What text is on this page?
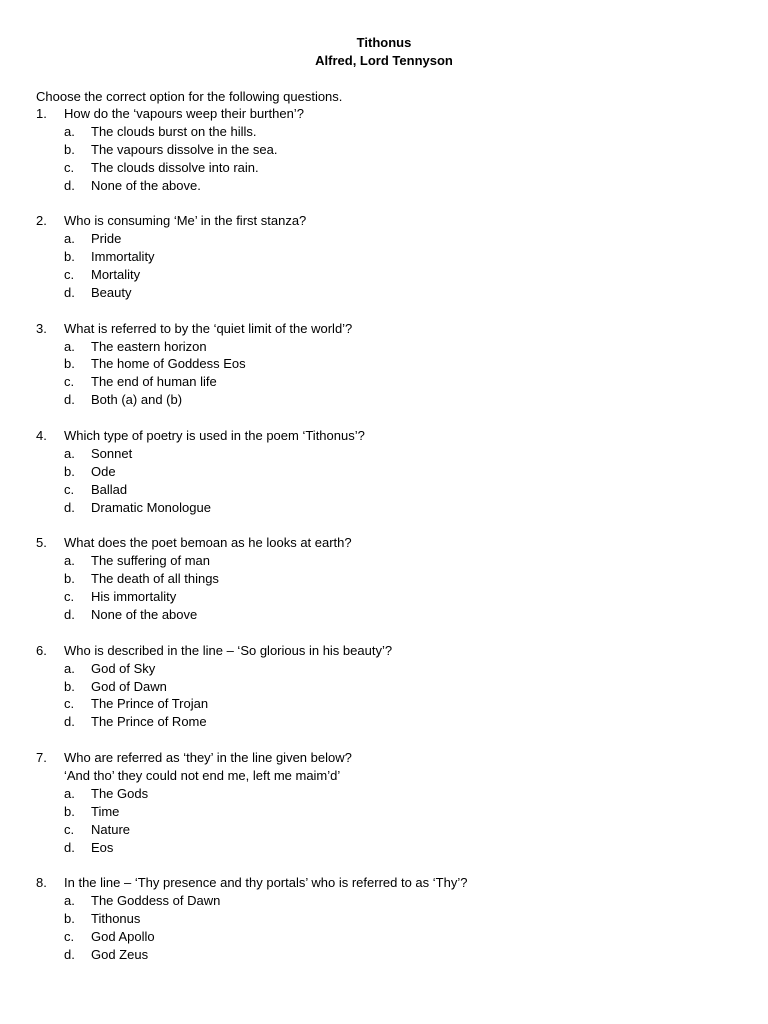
Tithonus
Alfred, Lord Tennyson
Choose the correct option for the following questions.
1.	How do the ‘vapours weep their burthen’?
a.	The clouds burst on the hills.
b.	The vapours dissolve in the sea.
c.	The clouds dissolve into rain.
d.	None of the above.
2.	Who is consuming ‘Me’ in the first stanza?
a.	Pride
b.	Immortality
c.	Mortality
d.	Beauty
3.	What is referred to by the ‘quiet limit of the world’?
a.	The eastern horizon
b.	The home of Goddess Eos
c.	The end of human life
d.	Both (a) and (b)
4.	Which type of poetry is used in the poem ‘Tithonus’?
a.	Sonnet
b.	Ode
c.	Ballad
d.	Dramatic Monologue
5.	What does the poet bemoan as he looks at earth?
a.	The suffering of man
b.	The death of all things
c.	His immortality
d.	None of the above
6.	Who is described in the line – ‘So glorious in his beauty’?
a.	God of Sky
b.	God of Dawn
c.	The Prince of Trojan
d.	The Prince of Rome
7.	Who are referred as ‘they’ in the line given below?
‘And tho’ they could not end me, left me maim’d’
a.	The Gods
b.	Time
c.	Nature
d.	Eos
8.	In the line – ‘Thy presence and thy portals’ who is referred to as ‘Thy’?
a.	The Goddess of Dawn
b.	Tithonus
c.	God Apollo
d.	God Zeus
